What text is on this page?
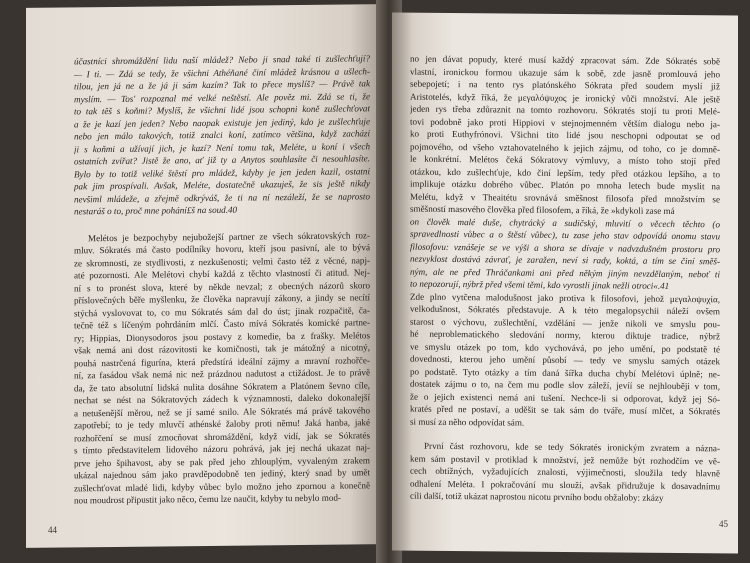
účastníci shromáždění lidu naší mládež? Nebo ji snad také ti zušlechťují?
— I ti. — Zdá se tedy, že všichni Athéňané činí mládež krásnou a ušlech-
tilou, jen já ne a že já ji sám kazím? Tak to přece myslíš? — Právě tak
myslím. — Tos' rozpoznal mé velké neštěstí. Ale pověz mi. Zdá se ti, že
to tak těš s koňmi? Myslíš, že všichni lidé jsou schopni koně zušlechťovat
a že je kazí jen jeden? Nebo naopak existuje jen jediný, kdo je zušlechťuje
nebo jen málo takových, totiž znalci koní, zatímco většina, když zachází
ji s koňmi a užívají jich, je kazí? Není tomu tak, Meléte, u koní i všech
ostatních zvířat? Jistě že ano, ať již ty a Anytos souhlasíte či nesouhlasíte.
Bylo by to totiž veliké štěstí pro mládež, kdyby je jen jeden kazil, ostatní
pak jim prospívali. Avšak, Meléte, dostatečně ukazuješ, že sis ještě nikdy
nevšiml mládeže, a zřejmě odkrýváš, že ti na ní nezáleží, že se naprosto
nestaráš o to, proč mne pohání£š na soud.40
Melétos je bezpochyby nejubožejší partner ze všech sókratovských roz-
mluv. Sókratés má často podílníky hovoru, kteří jsou pasivní, ale to bývá
ze skromnosti, ze stydlivosti, z nezkušenosti; velmi často též z věcné, napj-
até pozornosti. Ale Melétovi chybí každá z těchto vlastností či atitud. Nej-
ní s to pronést slova, které by někde nevzal; z obecných názorů skoro
příslovečných běře myšlenku, že člověka napravují zákony, a jindy se necítí
stýchá vyslovovat to, co mu Sókratés sám dal do úst; jinak rozpačitě, ča-
tečně též s líčeným pohrdáním mlčí. Často mívá Sókratés komické partne-
ry; Hippias, Dionysodoros jsou postavy z komedie, ba z frašky. Melétos
však nemá ani dost rázovitosti ke komičnosti, tak je mátožný a nicotný,
pouhá nastrčená figurína, která předstírá ideální zájmy a mravní rozhořče-
ní, za fasádou však nemá nic než prázdnou nadutost a ctižádost. Je to právě
da, že tato absolutní lidská nulita dosáhne Sókratem a Platónem ševno cíle,
nechat se nést na Sókratových zádech k významnosti, daleko dokonalejší
a netušenější měrou, než se jí samé snilo. Ale Sókratés má právě takového
zapotřebí; to je tedy mluvčí athénské žaloby proti němu! Jaká hanba, jaké
rozhořčení se musí zmocňovat shromáždění, když vidí, jak se Sókratés
s tímto představitelem lidového názoru pohrává, jak jej nechá ukazat naj-
prve jeho špihavost, aby se pak před jeho zhlouplým, vyvaleným zrakem
ukázal najednou sám jako pravděpodobně ten jediný, který snad by umět
zušlechťovat mladé lidi, kdyby vůbec bylo možno jeho zpornou a konečně
nou moudrost připustit jako něco, čemu lze naučit, kdyby tu nebylo mod-
44
no jen dávat popudy, které musí každý zpracovat sám. Zde Sókratés sobě
vlastní, ironickou formou ukazuje sám k sobě, zde jasně promlouvá jeho
sebepojetí; i na tento rys platónského Sókrata před soudem myslí již
Aristotelés, když říká, že μεγαλόψυχος je ironický vůči množství. Ale ještě
jeden rys třeba zdůraznit na tomto rozhovoru. Sókratés stojí tu proti Melé-
tovi podobně jako proti Hippiovi v stejnojmenném větším dialogu nebo ja-
ko proti Euthyfrónovi. Všichni tito lidé jsou neschopni odpoutat se od
pojmového, od všeho vztahovatelného k jejich zájmu, od toho, co je domně-
le konkrétní. Melétos čeká Sókratovy výmluvy, a místo toho stojí před
otázkou, kdo zušlechťuje, kdo činí lepším, tedy před otázkou lepšího, a to
implikuje otázku dobrého vůbec. Platón po mnoha letech bude myslit na
Melétu, když v Theaitétu srovnává směšnost filosofa před množstvím se
směšností masového člověka před filosofem, a říká, že »kdykoli zase má
on člověk malé duše, chytrácký a sudičský, mluvití o věcech těchto (o
spravedlnosti vůbec a o štěstí vůbec), tu zase jeho stav odpovídá onomu stavu
filosofovu: vznášeje se ve výši a shora se dívaje v nadvzdušném prostoru pro
nezvyklost dostává závrať, je zaražen, neví si rady, koktá, a tím se činí směš-
ným, ale ne před Thráčankami ani před někým jiným nevzdělaným, neboť ti
to nepozorují, nýbrž před všemi těmi, kdo vyrostli jinak nežli otroci«.41
Zde plno vytčena malodušnost jako protiva k filosofovi, jehož μεγαλοψυχία,
velkodušnost, Sókratés představuje. A k této megalopsychii náleží ovšem
starost o výchovu, zušlechtění, vzdělání — jenže nikoli ve smyslu pou-
hé neproblematického sledování normy, kterou diktuje tradice, nýbrž
ve smyslu otázek po tom, kdo vychovává, po jeho umění, po podstatě té
dovednosti, kterou jeho umění působí — tedy ve smyslu samých otázek
po podstatě. Tyto otázky a tím daná šířka ducha chybí Melétovi úplně; ne-
dostatek zájmu o to, na čem mu podle slov záleží, jevíí se nejhlouběji v tom,
že o jejich existenci nemá ani tušení. Nechce-li si odporovat, když jej Só-
kratés před ne postaví, a uděšit se tak sám do tváře, musí mlčet, a Sókratés
si musí za něho odpovídat sám.
První část rozhovoru, kde se tedy Sókratés ironickým zvratem a názna-
kem sám postavil v protiklad k množství, jež nemůže být rozhodčím ve vě-
cech obtížných, vyžadujících znalosti, výjimečnosti, sloužila tedy hlavně
odhalení Meléta. I pokračování mu slouží, avšak přidružuje k dosavadnímu
cíli další, totiž ukázat naprostou nicotu prvního bodu obžaloby: zkázy
45
